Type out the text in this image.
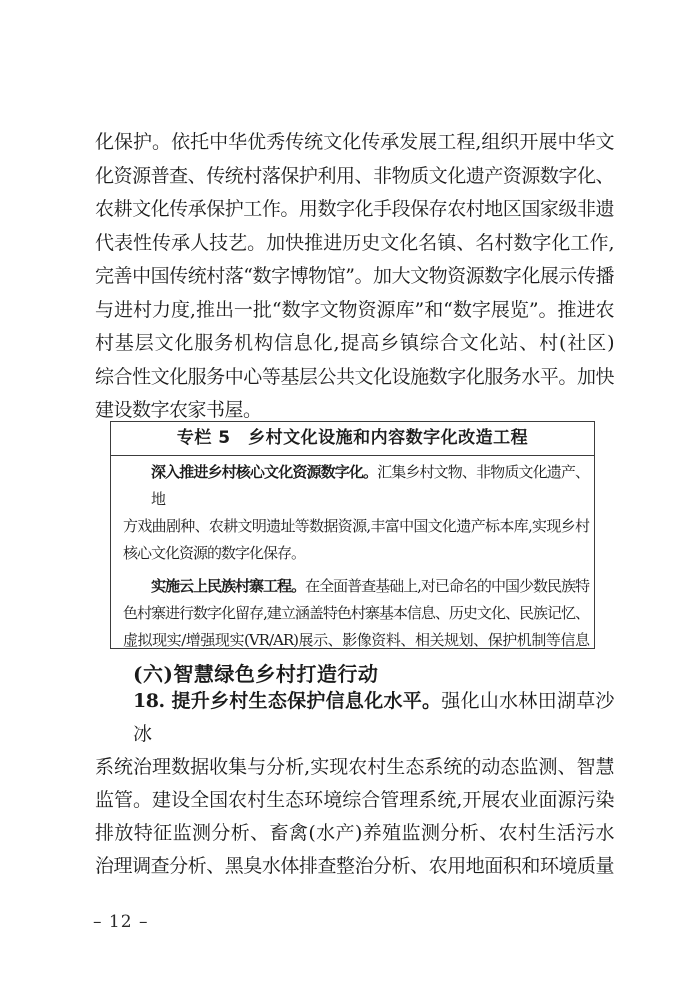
化保护。依托中华优秀传统文化传承发展工程,组织开展中华文
化资源普查、传统村落保护利用、非物质文化遗产资源数字化、
农耕文化传承保护工作。用数字化手段保存农村地区国家级非遗
代表性传承人技艺。加快推进历史文化名镇、名村数字化工作,
完善中国传统村落“数字博物馆”。加大文物资源数字化展示传播
与进村力度,推出一批“数字文物资源库”和“数字展览”。推进农
村基层文化服务机构信息化,提高乡镇综合文化站、村(社区)
综合性文化服务中心等基层公共文化设施数字化服务水平。加快
建设数字农家书屋。
专栏 5　乡村文化设施和内容数字化改造工程
深入推进乡村核心文化资源数字化。汇集乡村文物、非物质文化遗产、地
方戏曲剧种、农耕文明遗址等数据资源,丰富中国文化遗产标本库,实现乡村
核心文化资源的数字化保存。
实施云上民族村寨工程。在全面普查基础上,对已命名的中国少数民族特
色村寨进行数字化留存,建立涵盖特色村寨基本信息、历史文化、民族记忆、
虚拟现实/增强现实(VR/AR)展示、影像资料、相关规划、保护机制等信息
(六)智慧绿色乡村打造行动
18. 提升乡村生态保护信息化水平。强化山水林田湖草沙冰
系统治理数据收集与分析,实现农村生态系统的动态监测、智慧
监管。建设全国农村生态环境综合管理系统,开展农业面源污染
排放特征监测分析、畜禽(水产)养殖监测分析、农村生活污水
治理调查分析、黑臭水体排查整治分析、农用地面积和环境质量
– 12 –
